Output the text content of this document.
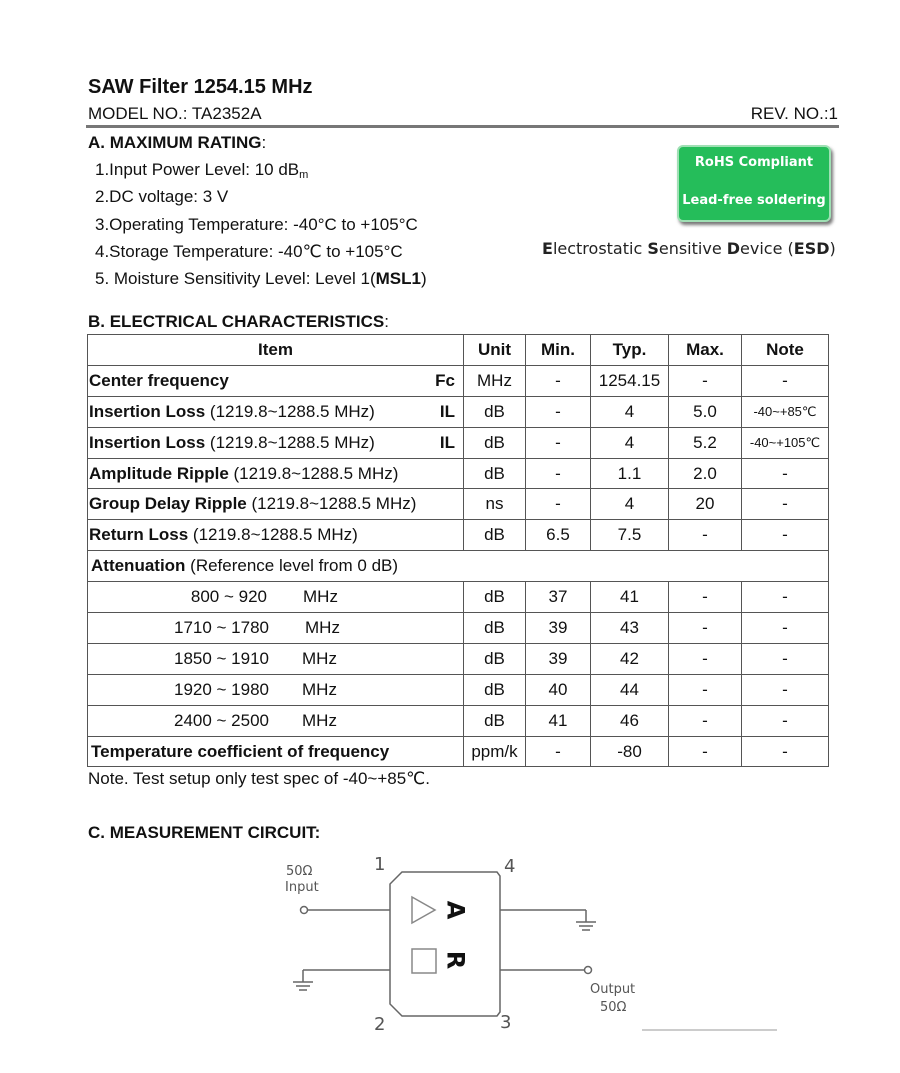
SAW Filter 1254.15 MHz
MODEL NO.: TA2352A	REV. NO.:1
A. MAXIMUM RATING:
1.Input Power Level: 10 $dB_m$
2.DC voltage: 3 V
3.Operating Temperature: -40°C to +105°C
4.Storage Temperature: -40℃ to +105°C
5. Moisture Sensitivity Level: Level 1(MSL1)
RoHS Compliant
Lead-free soldering
Electrostatic Sensitive Device (ESD)
B. ELECTRICAL CHARACTERISTICS:
Item	Unit	Min.	Typ.	Max.	Note
Center frequency Fc	MHz	-	1254.15	-	-
Insertion Loss (1219.8~1288.5 MHz) IL	dB	-	4	5.0	-40~+85℃
Insertion Loss (1219.8~1288.5 MHz) IL	dB	-	4	5.2	-40~+105℃
Amplitude Ripple (1219.8~1288.5 MHz)	dB	-	1.1	2.0	-
Group Delay Ripple (1219.8~1288.5 MHz)	ns	-	4	20	-
Return Loss (1219.8~1288.5 MHz)	dB	6.5	7.5	-	-
Attenuation (Reference level from 0 dB)					
800 ~ 920 MHz	dB	37	41	-	-
1710 ~ 1780 MHz	dB	39	43	-	-
1850 ~ 1910 MHz	dB	39	42	-	-
1920 ~ 1980 MHz	dB	40	44	-	-
2400 ~ 2500 MHz	dB	41	46	-	-
Temperature coefficient of frequency	ppm/k	-	-80	-	-
Note. Test setup only test spec of -40~+85℃.
C. MEASUREMENT CIRCUIT:
1	4
2	3
50Ω
Input
Output
50Ω
A
R
